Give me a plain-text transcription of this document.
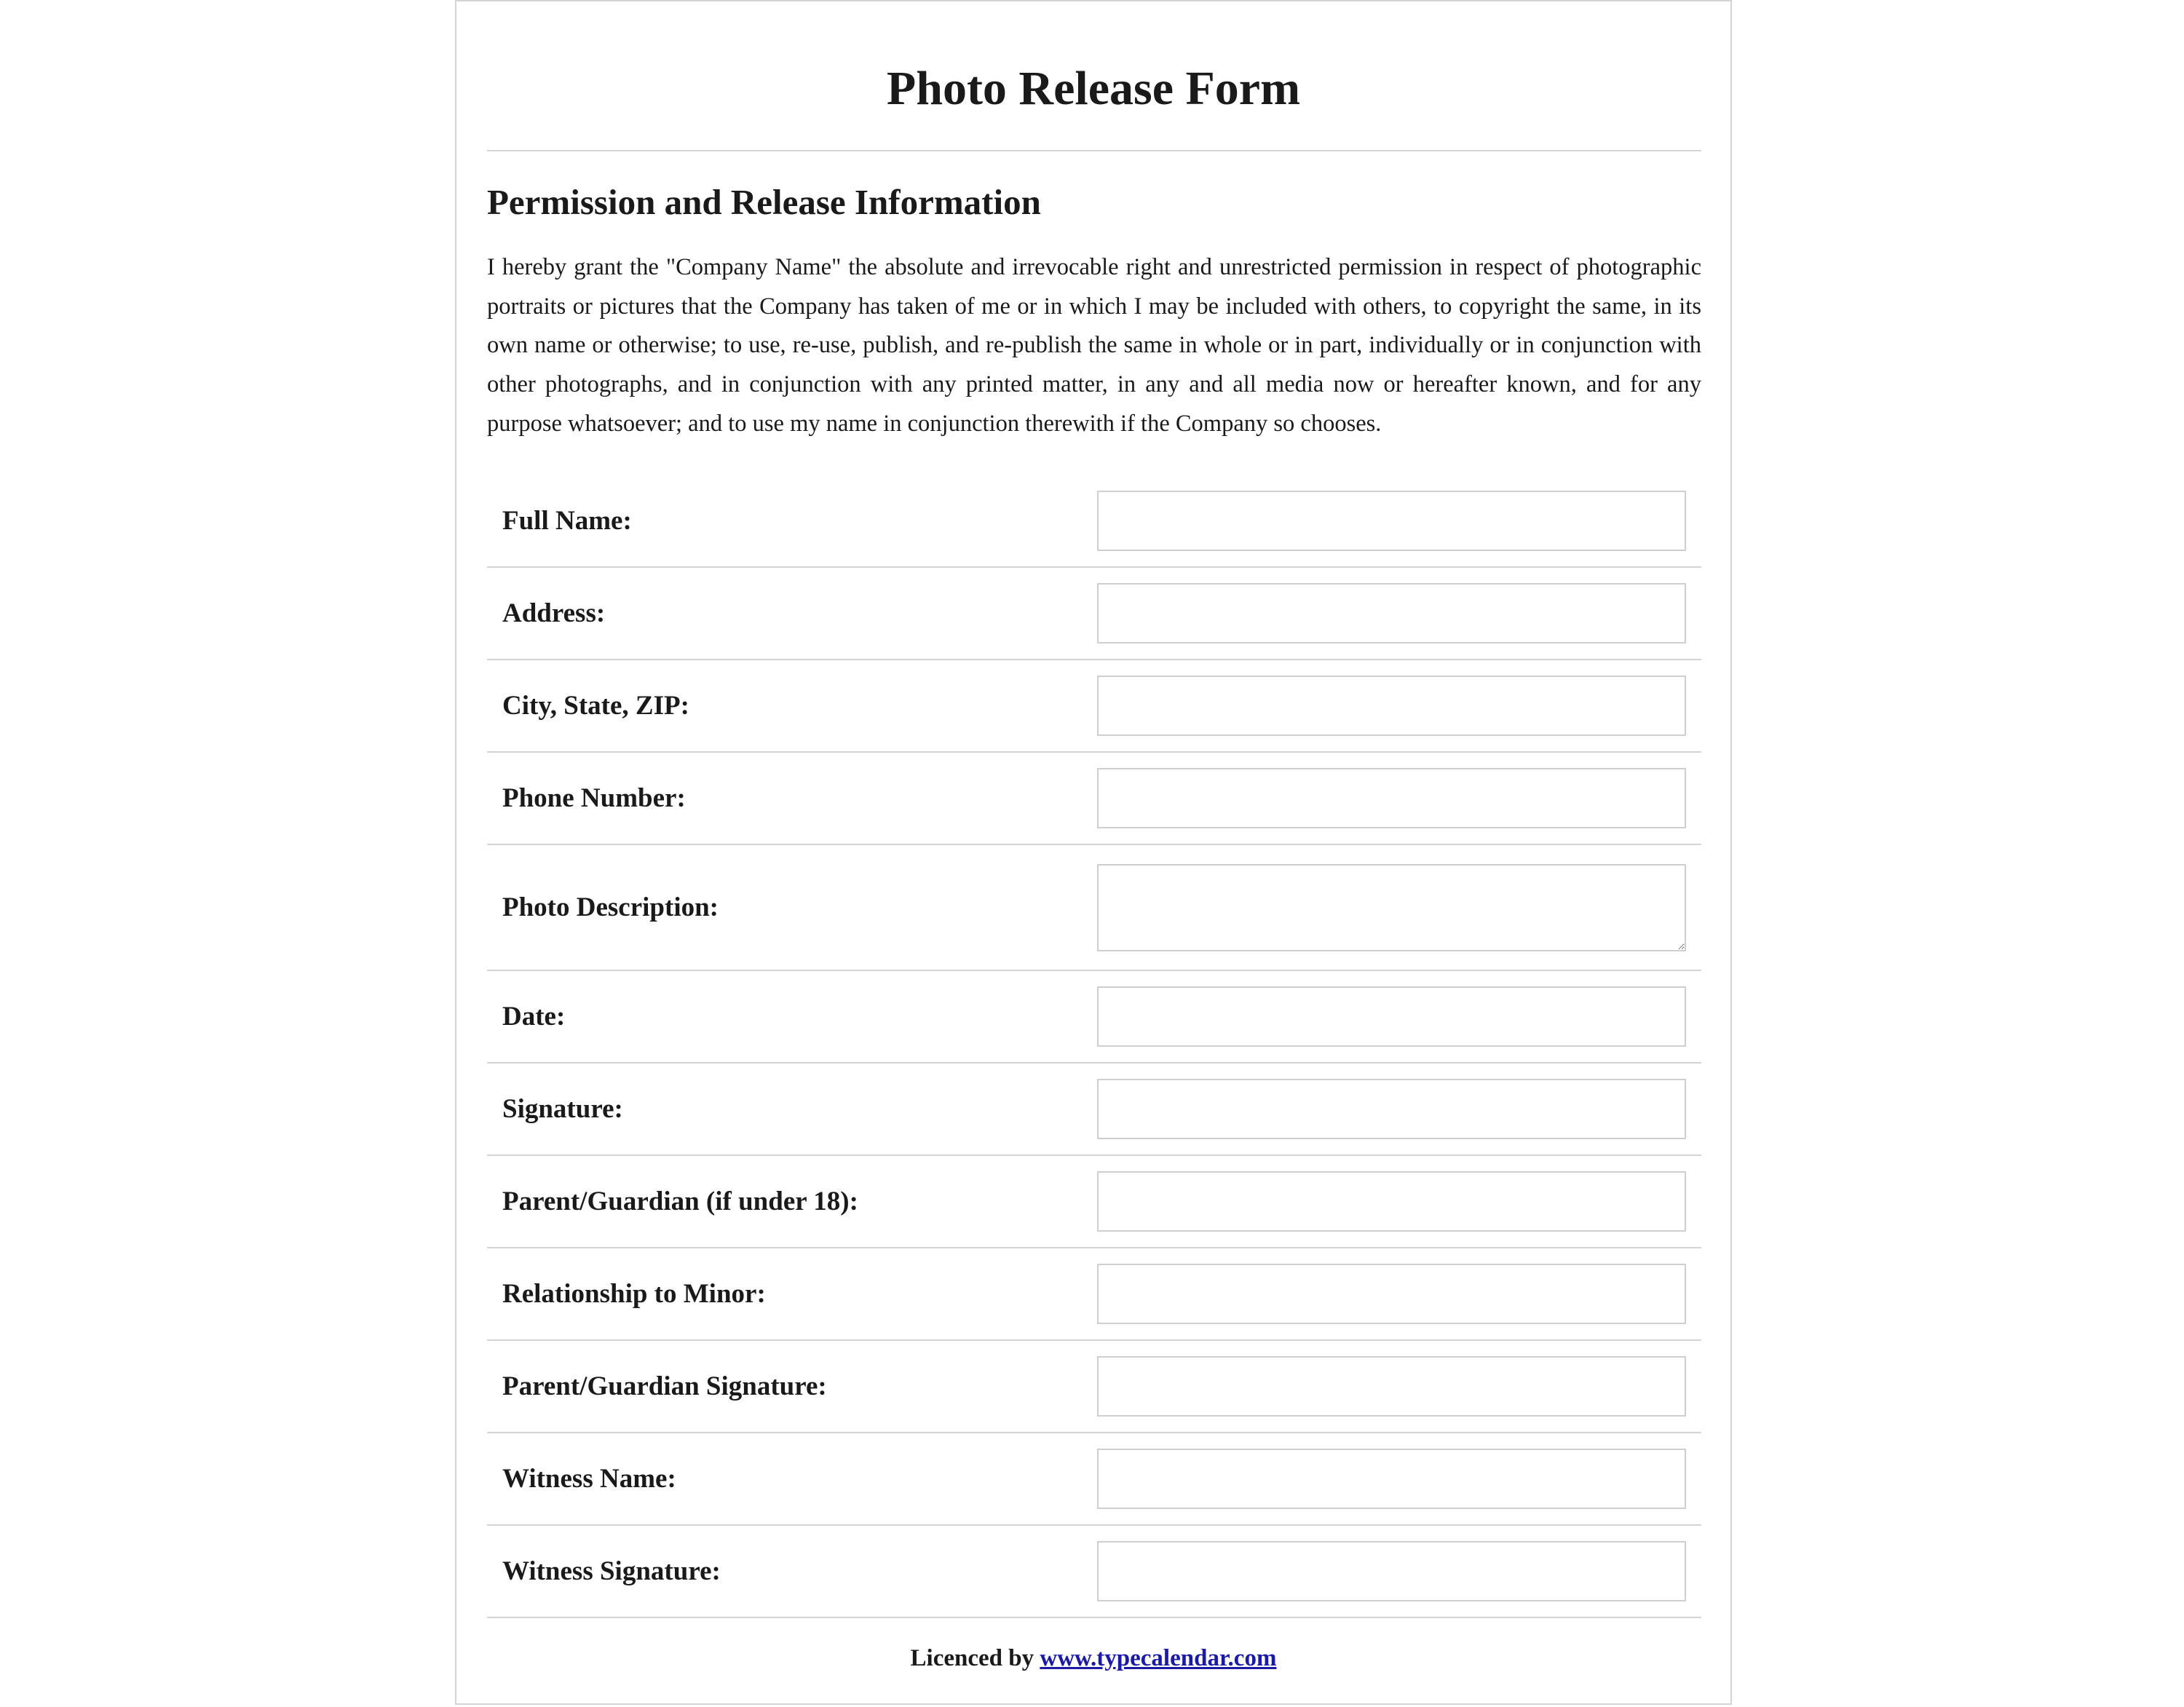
Photo Release Form
Permission and Release Information

I hereby grant the "Company Name" the absolute and irrevocable right and unrestricted permission in respect of photographic portraits or pictures that the Company has taken of me or in which I may be included with others, to copyright the same, in its own name or otherwise; to use, re-use, publish, and re-publish the same in whole or in part, individually or in conjunction with other photographs, and in conjunction with any printed matter, in any and all media now or hereafter known, and for any purpose whatsoever; and to use my name in conjunction therewith if the Company so chooses.

Full Name:	

Address:	

City, State, ZIP:	

Phone Number:	

Photo Description:	

Date:	

Signature:	

Parent/Guardian (if under 18):	

Relationship to Minor:	

Parent/Guardian Signature:	

Witness Name:	

Witness Signature:	

Licenced by www.typecalendar.com
